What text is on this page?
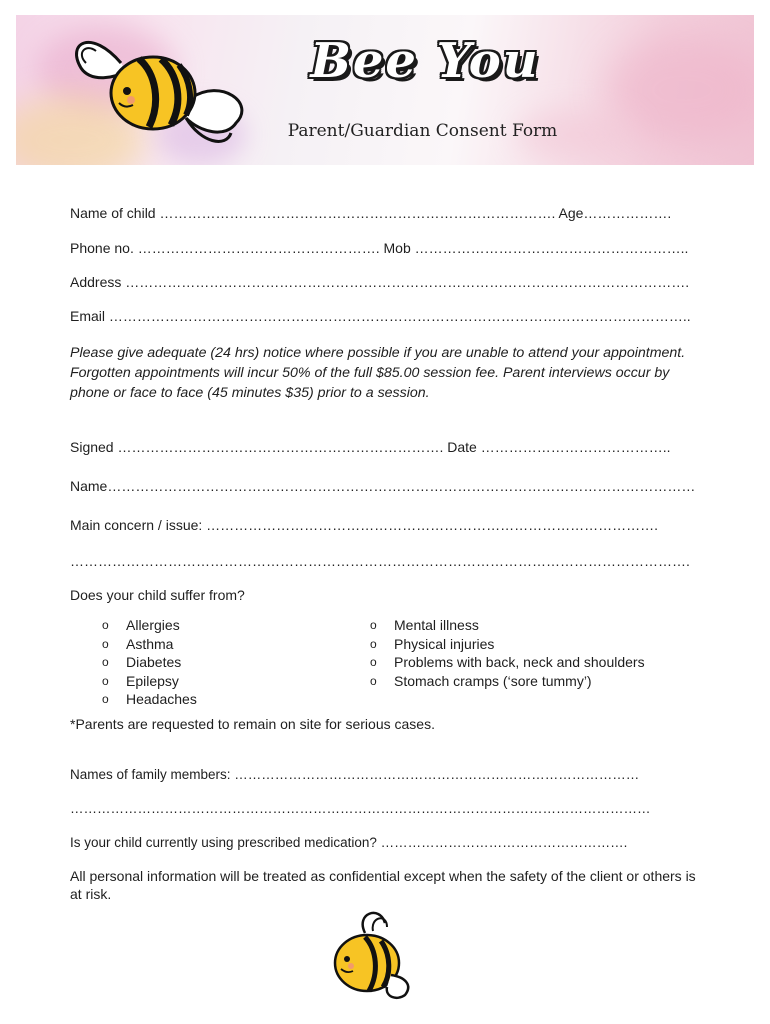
Bee You
Parent/Guardian Consent Form
Name of child …………………………………………………………………………. Age……………….
Phone no. ……………………………………………. Mob …………………………………………………..
Address ………………………………………………………………………………………………………….
Email ……………………………………………………………………………………………………………..
Please give adequate (24 hrs) notice where possible if you are unable to attend your appointment. Forgotten appointments will incur 50% of the full $85.00 session fee. Parent interviews occur by phone or face to face (45 minutes $35) prior to a session.
Signed ……………………………………………………………. Date …………………………………..
Name………………………………………………………………………………………………………………
Main concern / issue: …………………………………………………………………………………….
…………………………………………………………………………………………………………………….
Does your child suffer from?
o Allergies
o Asthma
o Diabetes
o Epilepsy
o Headaches
o Mental illness
o Physical injuries
o Problems with back, neck and shoulders
o Stomach cramps (‘sore tummy’)
*Parents are requested to remain on site for serious cases.
Names of family members: ………………………………………………………………………………
…………………………………………………………………………………………………………………
Is your child currently using prescribed medication? ……………………………………………….
All personal information will be treated as confidential except when the safety of the client or others is at risk.
